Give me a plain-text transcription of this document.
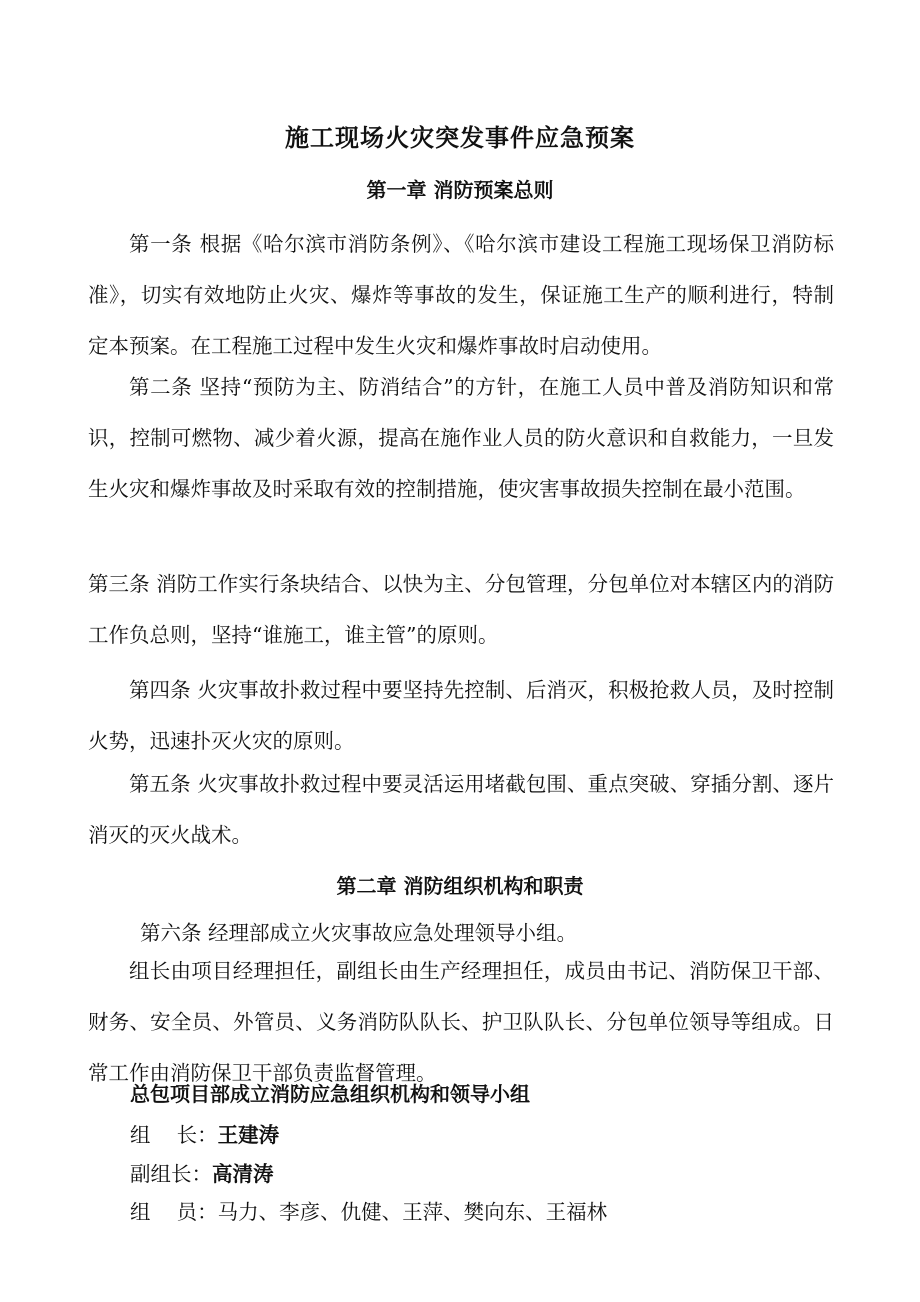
施工现场火灾突发事件应急预案
第一章 消防预案总则
第一条 根据《哈尔滨市消防条例》、《哈尔滨市建设工程施工现场保卫消防标准》，切实有效地防止火灾、爆炸等事故的发生，保证施工生产的顺利进行，特制定本预案。在工程施工过程中发生火灾和爆炸事故时启动使用。
第二条 坚持“预防为主、防消结合”的方针，在施工人员中普及消防知识和常识，控制可燃物、减少着火源，提高在施作业人员的防火意识和自救能力，一旦发生火灾和爆炸事故及时采取有效的控制措施，使灾害事故损失控制在最小范围。
第三条 消防工作实行条块结合、以快为主、分包管理，分包单位对本辖区内的消防工作负总则，坚持“谁施工，谁主管”的原则。
第四条 火灾事故扑救过程中要坚持先控制、后消灭，积极抢救人员，及时控制火势，迅速扑灭火灾的原则。
第五条 火灾事故扑救过程中要灵活运用堵截包围、重点突破、穿插分割、逐片消灭的灭火战术。
第二章 消防组织机构和职责
第六条 经理部成立火灾事故应急处理领导小组。
组长由项目经理担任，副组长由生产经理担任，成员由书记、消防保卫干部、财务、安全员、外管员、义务消防队队长、护卫队队长、分包单位领导等组成。日常工作由消防保卫干部负责监督管理。
总包项目部成立消防应急组织机构和领导小组
组    长：王建涛
副组长：高清涛
组    员：马力、李彦、仇健、王萍、樊向东、王福林
